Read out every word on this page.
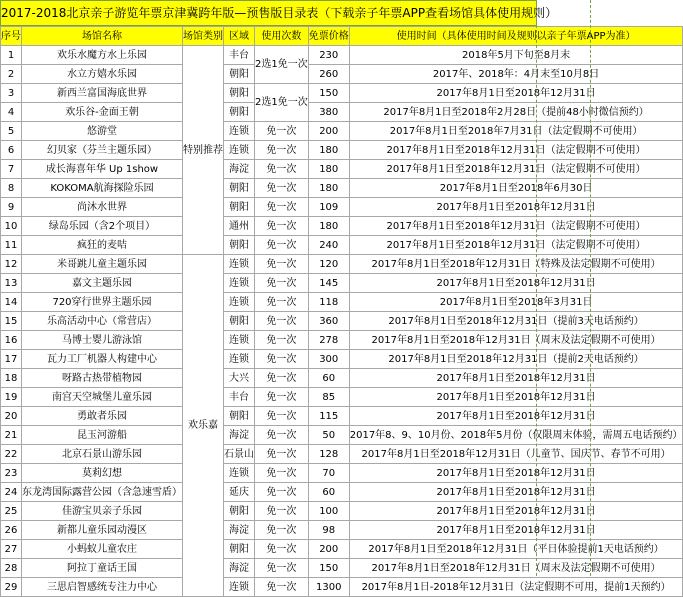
2017-2018北京亲子游览年票京津冀跨年版—预售版目录表（下载亲子年票APP查看场馆具体使用规则）
序号	场馆名称	场馆类别	区域	使用次数	免票价格	使用时间（具体使用时间及规则以亲子年票APP为准）
1	欢乐水魔方水上乐园	特别推荐	丰台	2选1免一次	230	2018年5月下旬至8月末
2	水立方嬉水乐园		朝阳		260	2017年、2018年：4月末至10月8日
3	新西兰富国海底世界		朝阳	2选1免一次	150	2017年8月1日至2018年12月31日
4	欢乐谷-金面王朝		朝阳		380	2017年8月1日至2018年2月28日（提前48小时微信预约）
5	悠游堂		连锁	免一次	200	2017年8月1日至2018年7月31日（法定假期不可使用）
6	幻贝家（芬兰主题乐园）		连锁	免一次	180	2017年8月1日至2018年12月31日（法定假期不可使用）
7	成长海喜年华 Up 1show		海淀	免一次	180	2017年8月1日至2018年12月31日（法定假期不可使用）
8	KOKOMA航海探险乐园		朝阳	免一次	180	2017年8月1日至2018年6月30日
9	尚沐水世界		朝阳	免一次	109	2017年8月1日至2018年12月31日
10	绿岛乐园（含2个项目）		通州	免一次	180	2017年8月1日至2018年12月31日（法定假期不可使用）
11	疯狂的麦咭		朝阳	免一次	240	2017年8月1日至2018年12月31日（法定假期不可使用）
12	米哥跳儿童主题乐园	欢乐嘉	连锁	免一次	120	2017年8月1日至2018年12月31日（特殊及法定假期不可使用）
13	嘉文主题乐园		连锁	免一次	145	2017年8月1日至2018年12月31日
14	720穿行世界主题乐园		连锁	免一次	118	2017年8月1日至2018年3月31日
15	乐高活动中心（常营店）		朝阳	免一次	360	2017年8月1日至2018年12月31日（提前3天电话预约）
16	马博士婴儿游泳馆		连锁	免一次	278	2017年8月1日至2018年12月31日（周末及法定假期不可使用）
17	瓦力工厂机器人构建中心		连锁	免一次	300	2017年8月1日至2018年12月31日（提前2天电话预约）
18	呀路古热带植物园		大兴	免一次	60	2017年8月1日至2018年12月31日
19	南宫天空城堡儿童乐园		丰台	免一次	85	2017年8月1日至2018年12月31日
20	勇敢者乐园		朝阳	免一次	115	2017年8月1日至2018年12月31日
21	昆玉河游船		海淀	免一次	50	2017年8、9、10月份、2018年5月份（仅限周末体验，需周五电话预约）
22	北京石景山游乐园		石景山	免一次	128	2017年8月1日至2018年12月31日（儿童节、国庆节、春节不可用）
23	莫莉幻想		连锁	免一次	70	2017年8月1日至2018年12月31日
24	东龙湾国际露营公园（含急速雪盾）		延庆	免一次	60	2017年8月1日至2018年12月31日
25	佳游宝贝亲子乐园		朝阳	免一次	100	2017年8月1日至2018年12月31日
26	新都儿童乐园动漫区		海淀	免一次	98	2017年8月1日至2018年12月31日
27	小蚂蚁儿童农庄		朝阳	免一次	200	2017年8月1日至2018年12月31日（平日体验提前1天电话预约）
28	阿拉丁童话王国		海淀	免一次	150	2017年8月1日至2018年12月31日（周末及法定假期不可使用）
29	三思启智感统专注力中心		连锁	免一次	1300	2017年8月1日-2018年12月31日（法定假期不可用，提前1天预约）
